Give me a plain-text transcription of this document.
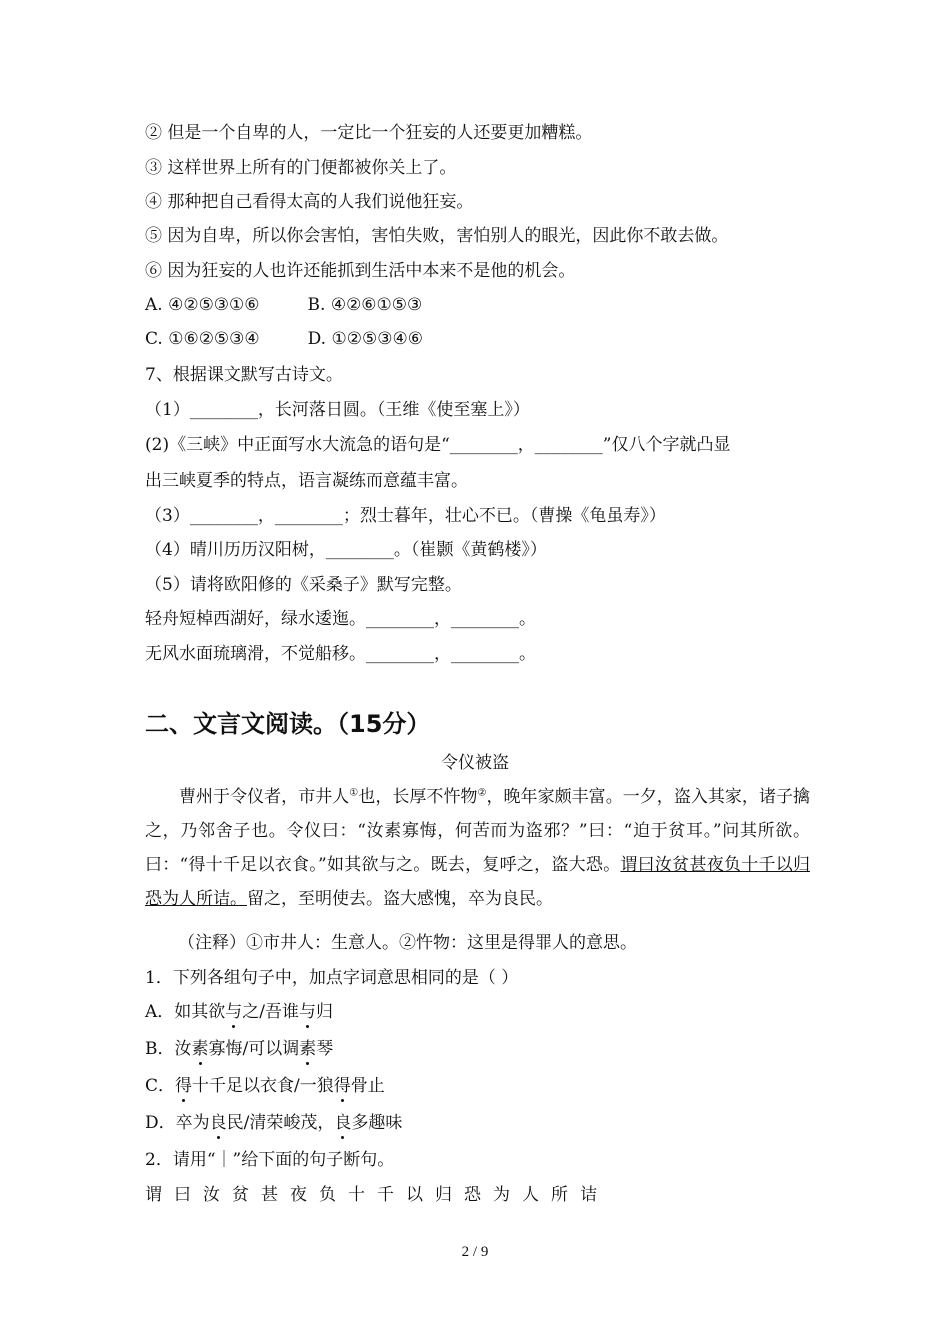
② 但是一个自卑的人，一定比一个狂妄的人还要更加糟糕。
③ 这样世界上所有的门便都被你关上了。
④ 那种把自己看得太高的人我们说他狂妄。
⑤ 因为自卑，所以你会害怕，害怕失败，害怕别人的眼光，因此你不敢去做。
⑥ 因为狂妄的人也许还能抓到生活中本来不是他的机会。
A. ④②⑤③①⑥	B. ④②⑥①⑤③
C. ①⑥②⑤③④	D. ①②⑤③④⑥
7、根据课文默写古诗文。
（1）________，长河落日圆。（王维《使至塞上》）
(2)《三峡》中正面写水大流急的语句是“________，________”仅八个字就凸显
出三峡夏季的特点，语言凝练而意蕴丰富。
（3）________，________；烈士暮年，壮心不已。（曹操《龟虽寿》）
（4）晴川历历汉阳树，________。（崔颢《黄鹤楼》）
（5）请将欧阳修的《采桑子》默写完整。
轻舟短棹西湖好，绿水逶迤。________，________。
无风水面琉璃滑，不觉船移。________，________。
二、文言文阅读。（15分）
令仪被盗
曹州于令仪者，市井人①也，长厚不忤物②，晚年家颇丰富。一夕，盗入其家，诸子擒之，乃邻舍子也。令仪曰：“汝素寡悔，何苦而为盗邪？”曰：“迫于贫耳。”问其所欲。曰：“得十千足以衣食。”如其欲与之。既去，复呼之，盗大恐。谓曰汝贫甚夜负十千以归恐为人所诘。留之，至明使去。盗大感愧，卒为良民。
（注释）①市井人：生意人。②忤物：这里是得罪人的意思。
1．下列各组句子中，加点字词意思相同的是（ ）
A．如其欲与之/吾谁与归
B．汝素寡悔/可以调素琴
C．得十千足以衣食/一狼得骨止
D．卒为良民/清荣峻茂，良多趣味
2．请用“｜”给下面的句子断句。
谓曰汝贫甚夜负十千以归恐为人所诘
2 / 9
